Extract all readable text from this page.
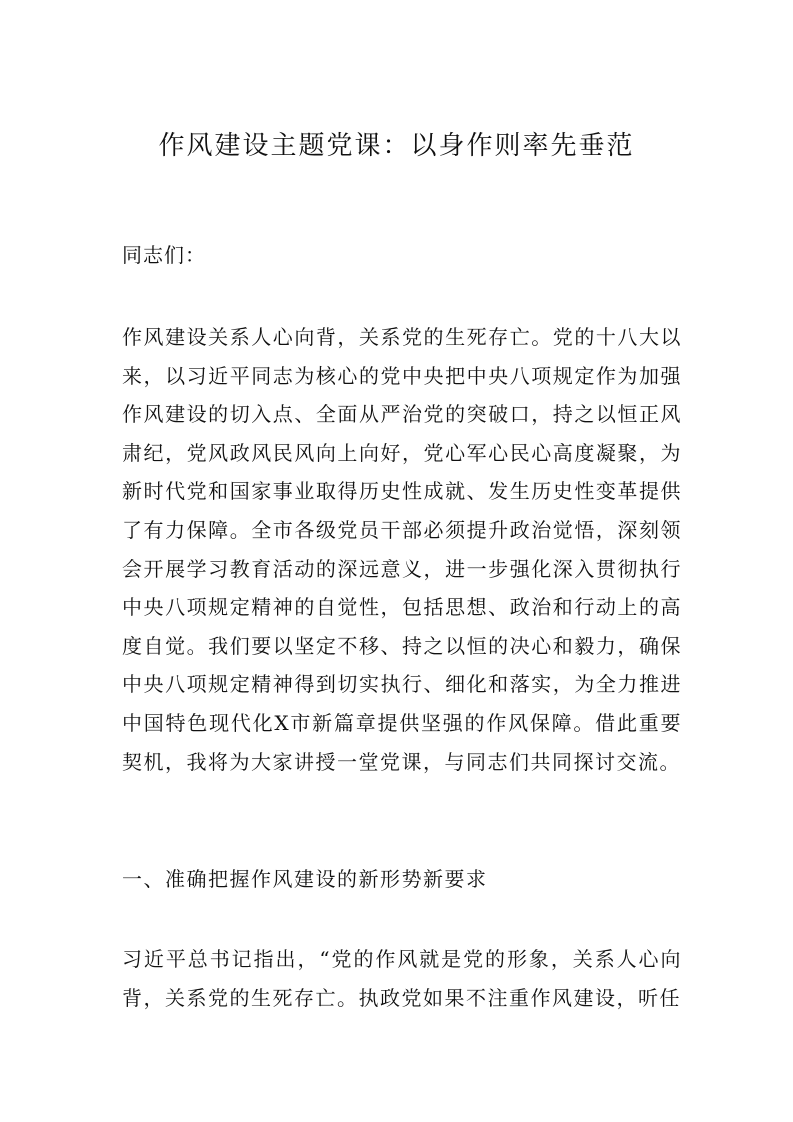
作风建设主题党课：以身作则率先垂范

同志们：

作风建设关系人心向背，关系党的生死存亡。党的十八大以来，以习近平同志为核心的党中央把中央八项规定作为加强作风建设的切入点、全面从严治党的突破口，持之以恒正风肃纪，党风政风民风向上向好，党心军心民心高度凝聚，为新时代党和国家事业取得历史性成就、发生历史性变革提供了有力保障。全市各级党员干部必须提升政治觉悟，深刻领会开展学习教育活动的深远意义，进一步强化深入贯彻执行中央八项规定精神的自觉性，包括思想、政治和行动上的高度自觉。我们要以坚定不移、持之以恒的决心和毅力，确保中央八项规定精神得到切实执行、细化和落实，为全力推进中国特色现代化X市新篇章提供坚强的作风保障。借此重要契机，我将为大家讲授一堂党课，与同志们共同探讨交流。

一、准确把握作风建设的新形势新要求

习近平总书记指出，“党的作风就是党的形象，关系人心向背，关系党的生死存亡。执政党如果不注重作风建设，听任
